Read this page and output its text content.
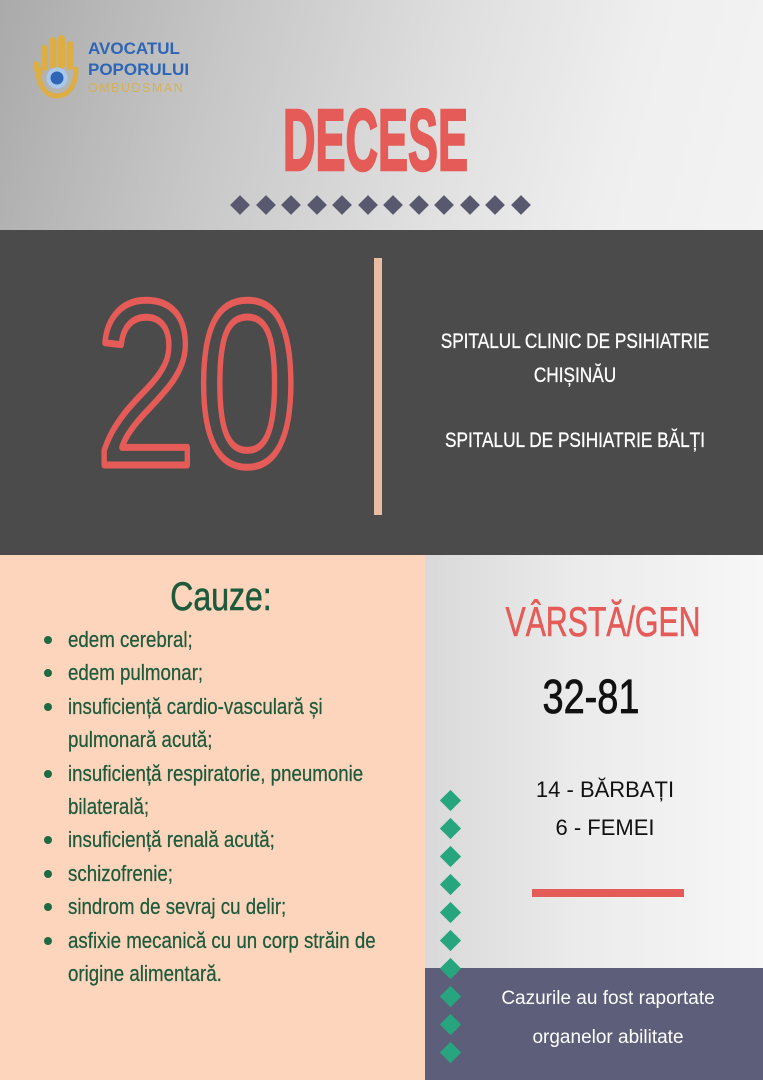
AVOCATUL
POPORULUI
OMBUDSMAN
DECESE
20	SPITALUL CLINIC DE PSIHIATRIE CHIȘINĂU
SPITALUL DE PSIHIATRIE BĂLȚI
Cauze:
edem cerebral;
edem pulmonar;
insuficiență cardio-vasculară și pulmonară acută;
insuficiență respiratorie, pneumonie bilaterală;
insuficiență renală acută;
schizofrenie;
sindrom de sevraj cu delir;
asfixie mecanică cu un corp străin de origine alimentară.
VÂRSTĂ/GEN
32-81
14 - BĂRBAȚI
6 - FEMEI
Cazurile au fost raportate organelor abilitate
